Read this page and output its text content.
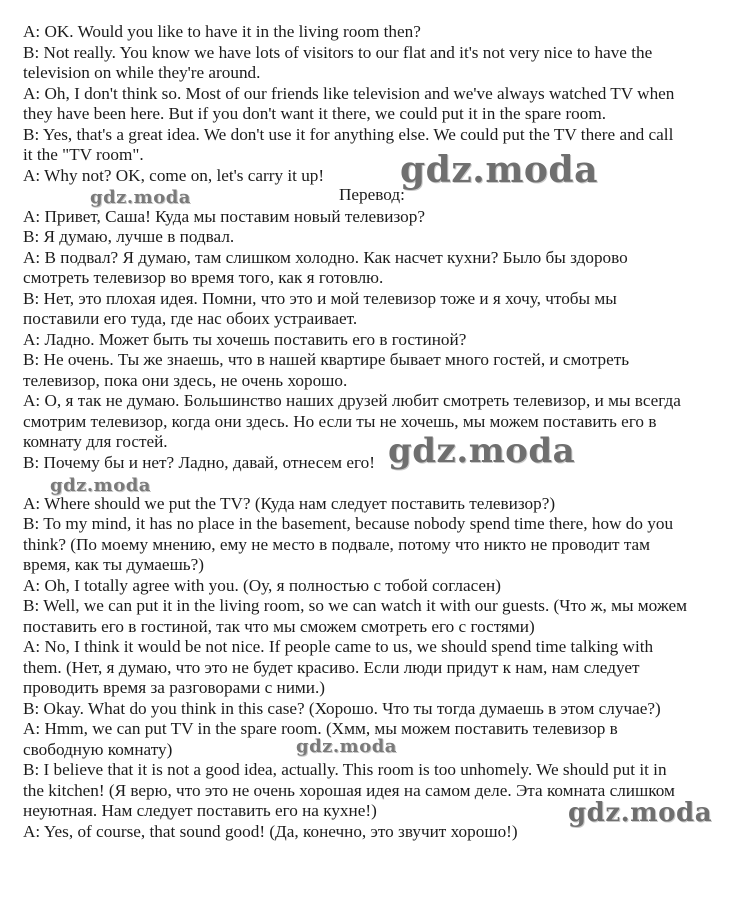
A: OK. Would you like to have it in the living room then?
B: Not really. You know we have lots of visitors to our flat and it's not very nice to have the
television on while they're around.
A: Oh, I don't think so. Most of our friends like television and we've always watched TV when
they have been here. But if you don't want it there, we could put it in the spare room.
B: Yes, that's a great idea. We don't use it for anything else. We could put the TV there and call
it the "TV room".
A: Why not? OK, come on, let's carry it up!
A: Привет, Саша! Куда мы поставим новый телевизор?
B: Я думаю, лучше в подвал.
A: В подвал? Я думаю, там слишком холодно. Как насчет кухни? Было бы здорово
смотреть телевизор во время того, как я готовлю.
B: Нет, это плохая идея. Помни, что это и мой телевизор тоже и я хочу, чтобы мы
поставили его туда, где нас обоих устраивает.
A: Ладно. Может быть ты хочешь поставить его в гостиной?
B: Не очень. Ты же знаешь, что в нашей квартире бывает много гостей, и смотреть
телевизор, пока они здесь, не очень хорошо.
A: О, я так не думаю. Большинство наших друзей любит смотреть телевизор, и мы всегда
смотрим телевизор, когда они здесь. Но если ты не хочешь, мы можем поставить его в
комнату для гостей.
B: Почему бы и нет? Ладно, давай, отнесем его!
A: Where should we put the TV? (Куда нам следует поставить телевизор?)
B: To my mind, it has no place in the basement, because nobody spend time there, how do you
think? (По моему мнению, ему не место в подвале, потому что никто не проводит там
время, как ты думаешь?)
A: Oh, I totally agree with you. (Оу, я полностью с тобой согласен)
B: Well, we can put it in the living room, so we can watch it with our guests. (Что ж, мы можем
поставить его в гостиной, так что мы сможем смотреть его с гостями)
A: No, I think it would be not nice. If people came to us, we should spend time talking with
them. (Нет, я думаю, что это не будет красиво. Если люди придут к нам, нам следует
проводить время за разговорами с ними.)
B: Okay. What do you think in this case? (Хорошо. Что ты тогда думаешь в этом случае?)
A: Hmm, we can put TV in the spare room. (Хмм, мы можем поставить телевизор в
свободную комнату)
B: I believe that it is not a good idea, actually. This room is too unhomely. We should put it in
the kitchen! (Я верю, что это не очень хорошая идея на самом деле. Эта комната слишком
неуютная. Нам следует поставить его на кухне!)
A: Yes, of course, that sound good! (Да, конечно, это звучит хорошо!)
Перевод:
gdz.moda
gdz.moda
gdz.moda
gdz.moda
gdz.moda
gdz.moda
